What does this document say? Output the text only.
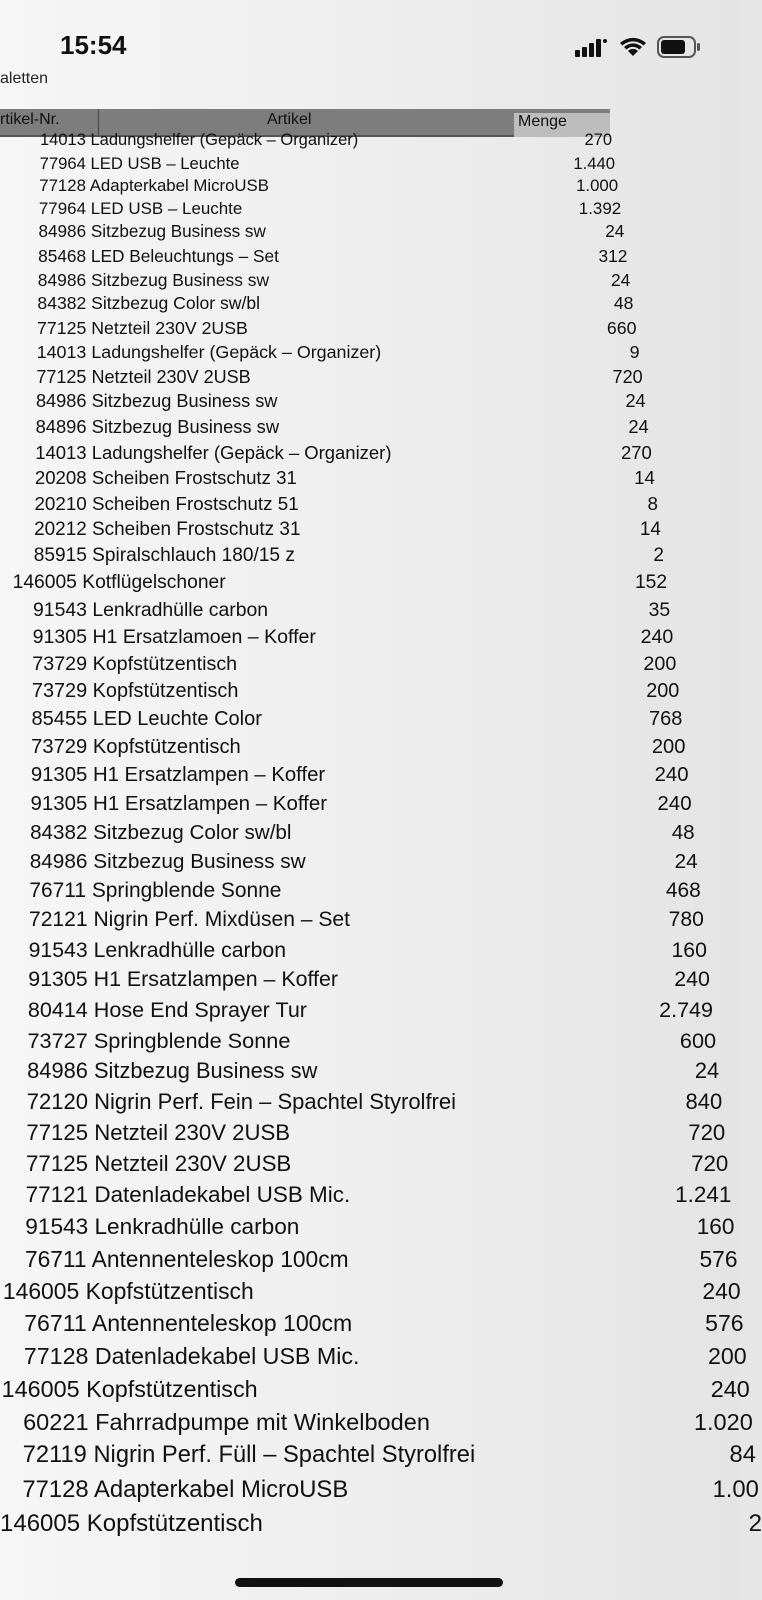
15:54
aletten
rtikel-Nr.	Artikel	Menge
14013 Ladungshelfer (Gepäck – Organizer)	270
77964 LED USB – Leuchte	1.440
77128 Adapterkabel MicroUSB	1.000
77964 LED USB – Leuchte	1.392
84986 Sitzbezug Business sw	24
85468 LED Beleuchtungs – Set	312
84986 Sitzbezug Business sw	24
84382 Sitzbezug Color sw/bl	48
77125 Netzteil 230V 2USB	660
14013 Ladungshelfer (Gepäck – Organizer)	9
77125 Netzteil 230V 2USB	720
84986 Sitzbezug Business sw	24
84896 Sitzbezug Business sw	24
14013 Ladungshelfer (Gepäck – Organizer)	270
20208 Scheiben Frostschutz 31	14
20210 Scheiben Frostschutz 51	8
20212 Scheiben Frostschutz 31	14
85915 Spiralschlauch 180/15 z	2
146005 Kotflügelschoner	152
91543 Lenkradhülle carbon	35
91305 H1 Ersatzlamoen – Koffer	240
73729 Kopfstützentisch	200
73729 Kopfstützentisch	200
85455 LED Leuchte Color	768
73729 Kopfstützentisch	200
91305 H1 Ersatzlampen – Koffer	240
91305 H1 Ersatzlampen – Koffer	240
84382 Sitzbezug Color sw/bl	48
84986 Sitzbezug Business sw	24
76711 Springblende Sonne	468
72121 Nigrin Perf. Mixdüsen – Set	780
91543 Lenkradhülle carbon	160
91305 H1 Ersatzlampen – Koffer	240
80414 Hose End Sprayer Tur	2.749
73727 Springblende Sonne	600
84986 Sitzbezug Business sw	24
72120 Nigrin Perf. Fein – Spachtel Styrolfrei	840
77125 Netzteil 230V 2USB	720
77125 Netzteil 230V 2USB	720
77121 Datenladekabel USB Mic.	1.241
91543 Lenkradhülle carbon	160
76711 Antennenteleskop 100cm	576
146005 Kopfstützentisch	240
76711 Antennenteleskop 100cm	576
77128 Datenladekabel USB Mic.	200
146005 Kopfstützentisch	240
60221 Fahrradpumpe mit Winkelboden	1.020
72119 Nigrin Perf. Füll – Spachtel Styrolfrei	84
77128 Adapterkabel MicroUSB	1.00
146005 Kopfstützentisch	2
